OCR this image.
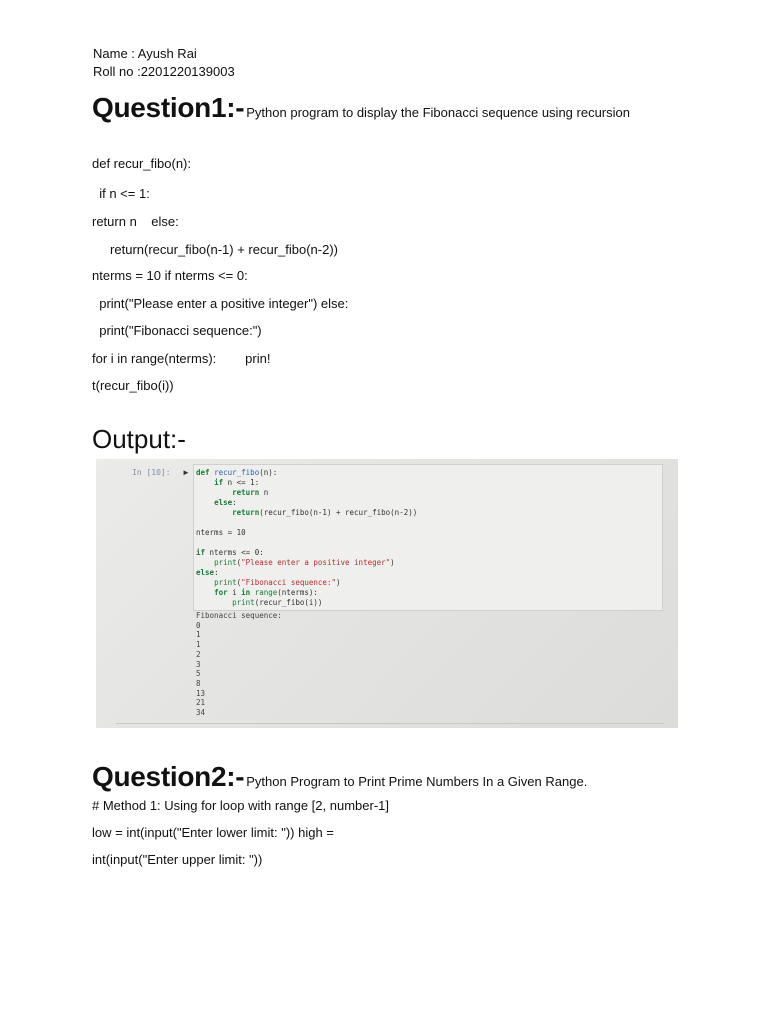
Name : Ayush Rai
Roll no :2201220139003
Question1:- Python program to display the Fibonacci sequence using recursion
def recur_fibo(n):
if n <= 1:
return n    else:
return(recur_fibo(n-1) + recur_fibo(n-2))
nterms = 10 if nterms <= 0:
print("Please enter a positive integer") else:
print("Fibonacci sequence:")
for i in range(nterms):        prin!
t(recur_fibo(i))
Output:-
In [10]: ► def recur_fibo(n):
if n <= 1:
return n
else:
return(recur_fibo(n-1) + recur_fibo(n-2))

nterms = 10

if nterms <= 0:
print("Please enter a positive integer")
else:
print("Fibonacci sequence:")
for i in range(nterms):
print(recur_fibo(i))
Fibonacci sequence:
0
1
1
2
3
5
8
13
21
34
Question2:- Python Program to Print Prime Numbers In a Given Range.
# Method 1: Using for loop with range [2, number-1]
low = int(input("Enter lower limit: ")) high =
int(input("Enter upper limit: "))
